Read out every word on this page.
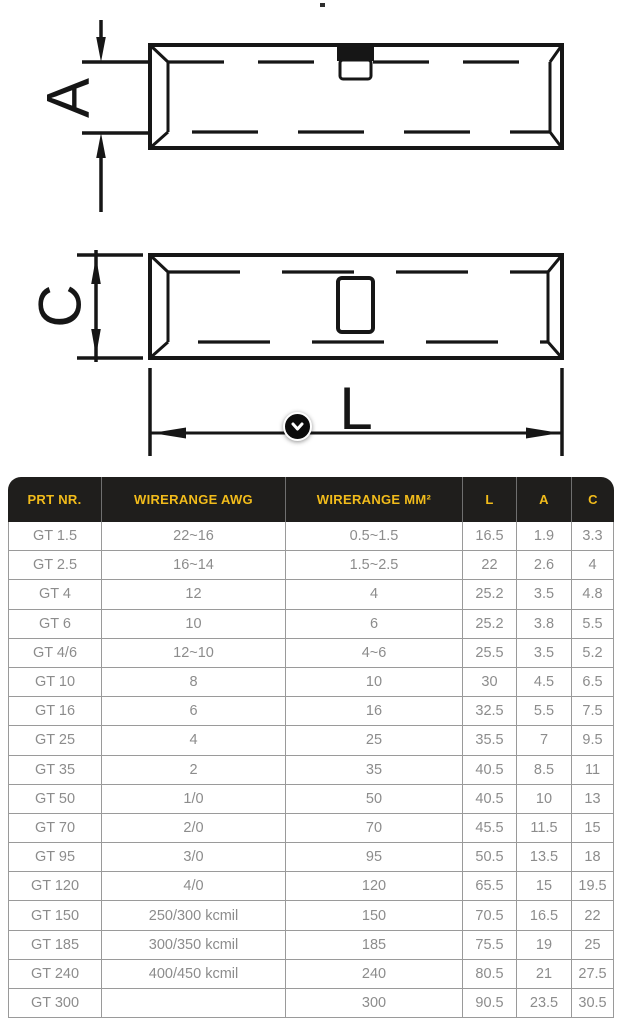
A
C
L
PRT NR.	WIRERANGE AWG	WIRERANGE MM²	L	A	C
GT 1.5	22~16	0.5~1.5	16.5	1.9	3.3
GT 2.5	16~14	1.5~2.5	22	2.6	4
GT 4	12	4	25.2	3.5	4.8
GT 6	10	6	25.2	3.8	5.5
GT 4/6	12~10	4~6	25.5	3.5	5.2
GT 10	8	10	30	4.5	6.5
GT 16	6	16	32.5	5.5	7.5
GT 25	4	25	35.5	7	9.5
GT 35	2	35	40.5	8.5	11
GT 50	1/0	50	40.5	10	13
GT 70	2/0	70	45.5	11.5	15
GT 95	3/0	95	50.5	13.5	18
GT 120	4/0	120	65.5	15	19.5
GT 150	250/300 kcmil	150	70.5	16.5	22
GT 185	300/350 kcmil	185	75.5	19	25
GT 240	400/450 kcmil	240	80.5	21	27.5
GT 300		300	90.5	23.5	30.5
